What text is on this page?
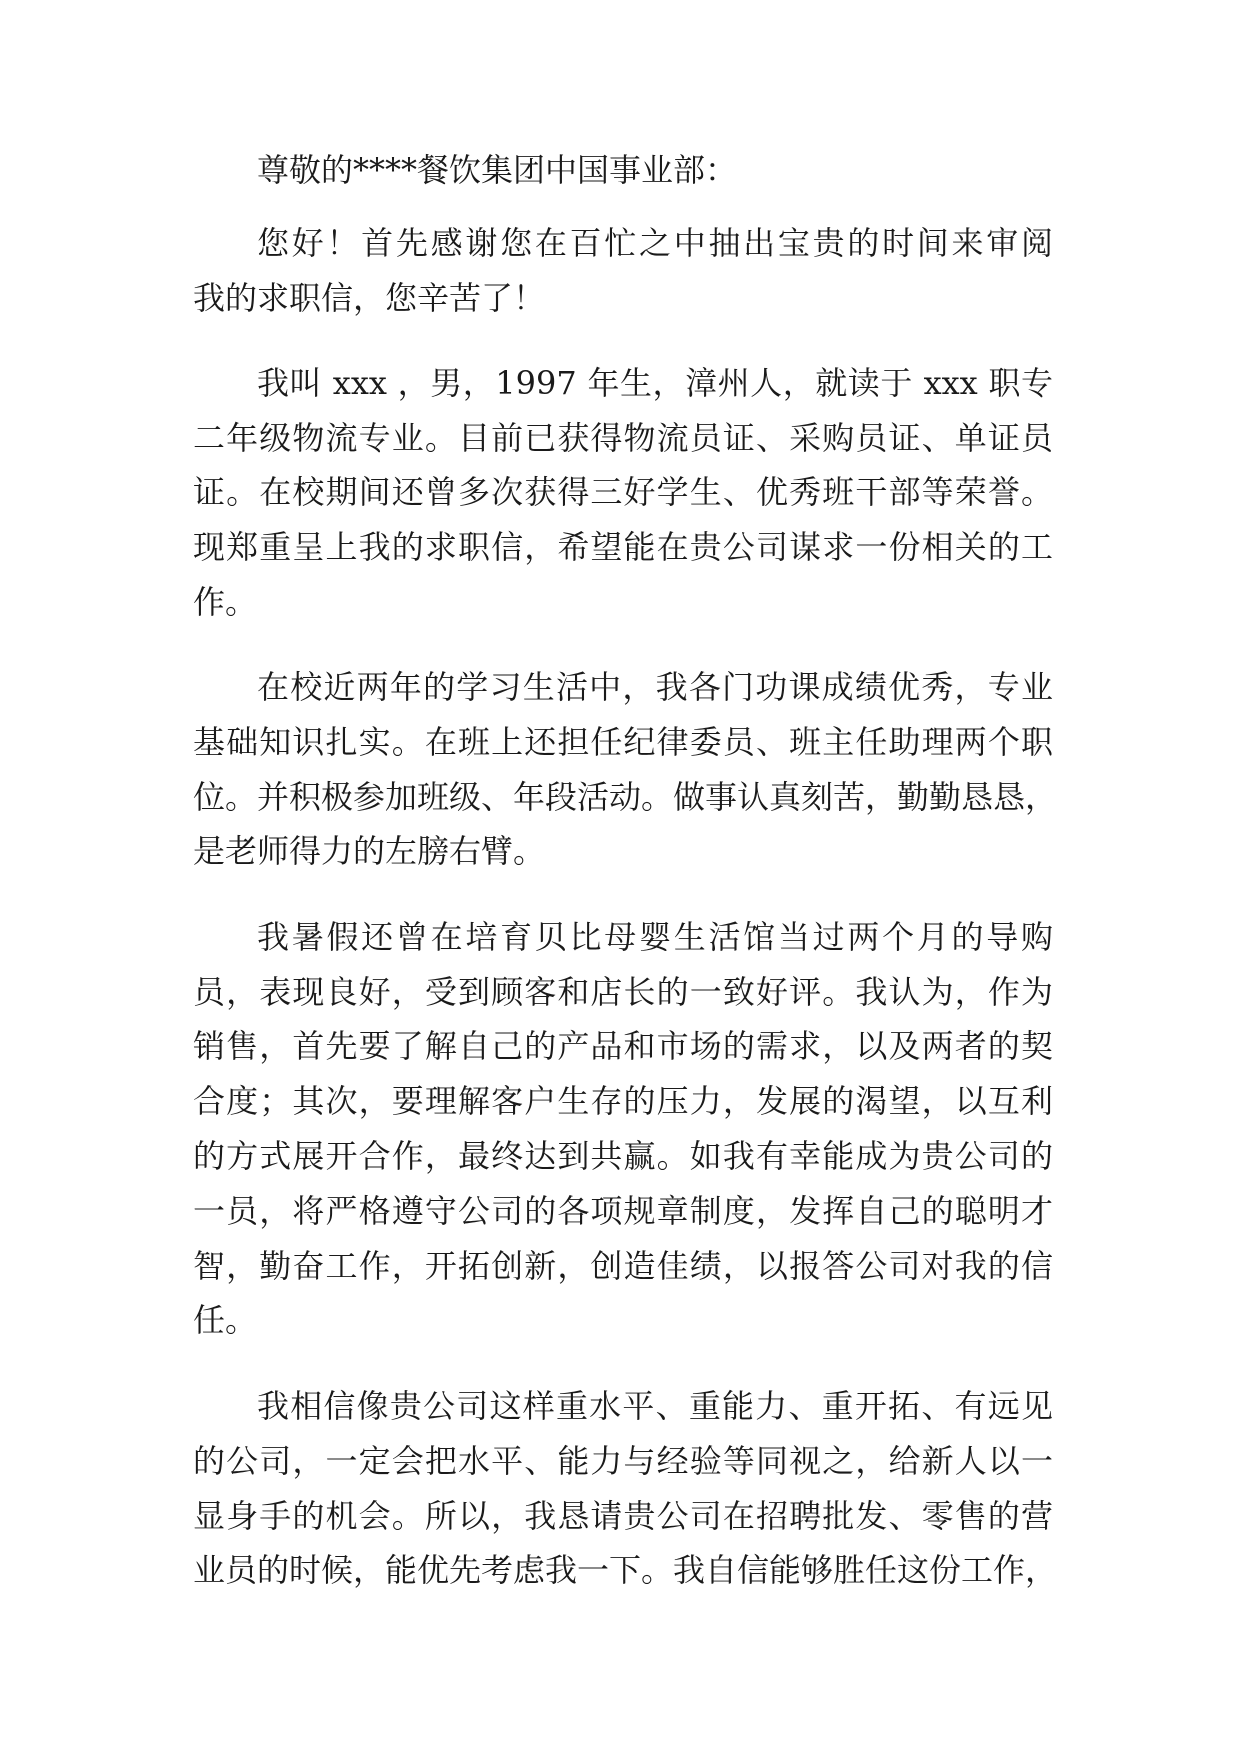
尊敬的****餐饮集团中国事业部：
您好！首先感谢您在百忙之中抽出宝贵的时间来审阅
我的求职信，您辛苦了！
我叫 xxx ，男，1997 年生，漳州人，就读于 xxx 职专
二年级物流专业。目前已获得物流员证、采购员证、单证员
证。在校期间还曾多次获得三好学生、优秀班干部等荣誉。
现郑重呈上我的求职信，希望能在贵公司谋求一份相关的工
作。
在校近两年的学习生活中，我各门功课成绩优秀，专业
基础知识扎实。在班上还担任纪律委员、班主任助理两个职
位。并积极参加班级、年段活动。做事认真刻苦，勤勤恳恳，
是老师得力的左膀右臂。
我暑假还曾在培育贝比母婴生活馆当过两个月的导购
员，表现良好，受到顾客和店长的一致好评。我认为，作为
销售，首先要了解自己的产品和市场的需求，以及两者的契
合度；其次，要理解客户生存的压力，发展的渴望，以互利
的方式展开合作，最终达到共赢。如我有幸能成为贵公司的
一员，将严格遵守公司的各项规章制度，发挥自己的聪明才
智，勤奋工作，开拓创新，创造佳绩，以报答公司对我的信
任。
我相信像贵公司这样重水平、重能力、重开拓、有远见
的公司，一定会把水平、能力与经验等同视之，给新人以一
显身手的机会。所以，我恳请贵公司在招聘批发、零售的营
业员的时候，能优先考虑我一下。我自信能够胜任这份工作，
